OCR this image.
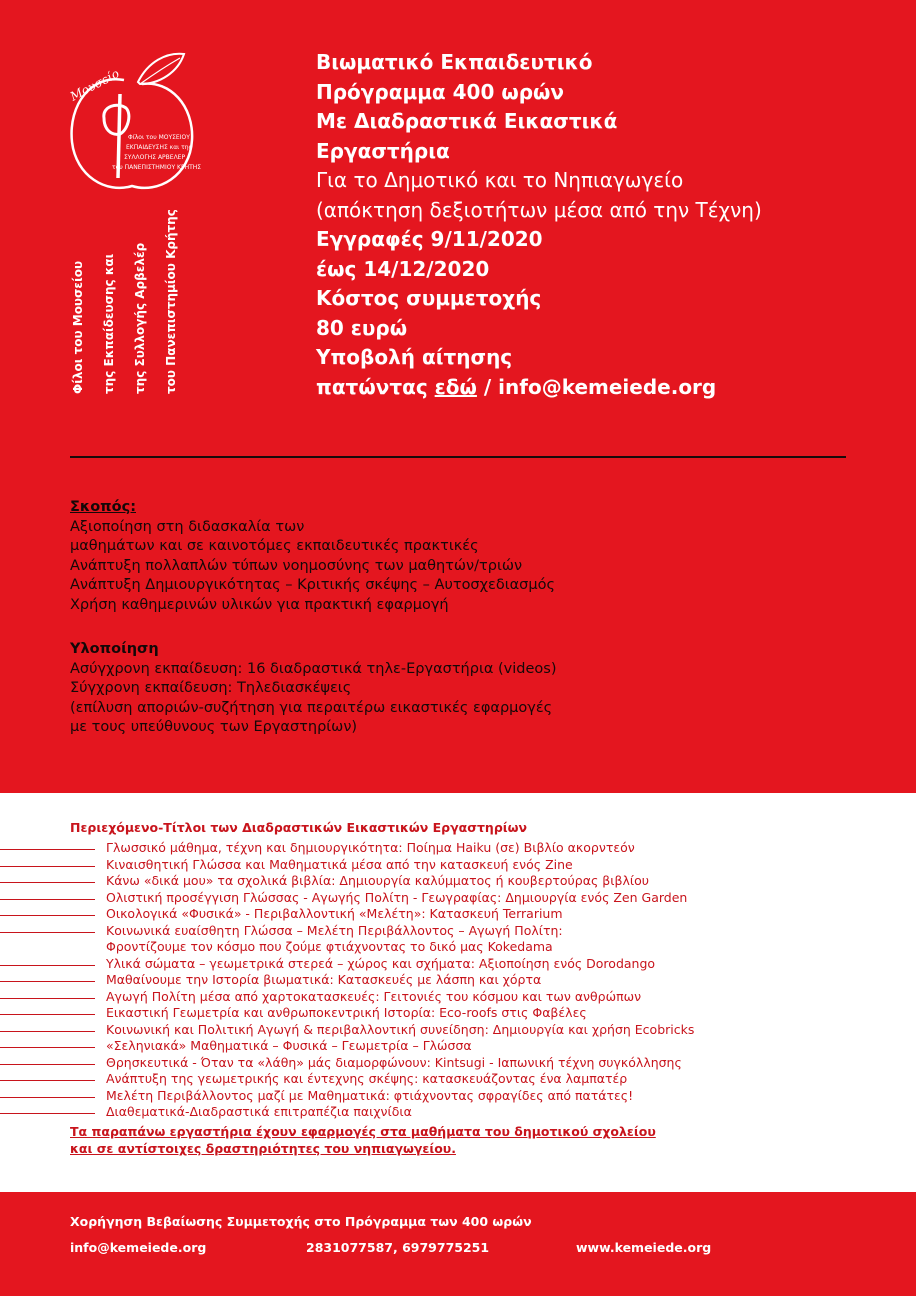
Μουσείο
Φίλοι του ΜΟΥΣΕΙΟΥ
ΕΚΠΑΙΔΕΥΣΗΣ και της
ΣΥΛΛΟΓΗΣ ΑΡΒΕΛΕΡ
του ΠΑΝΕΠΙΣΤΗΜΙΟΥ ΚΡΗΤΗΣ
Φίλοι του Μουσείου	της Εκπαίδευσης και	της Συλλογής Αρβελέρ	του Πανεπιστημίου Κρήτης
Βιωματικό Εκπαιδευτικό
Πρόγραμμα 400 ωρών
Με Διαδραστικά Εικαστικά
Εργαστήρια
Για το Δημοτικό και το Νηπιαγωγείο
(απόκτηση δεξιοτήτων μέσα από την Τέχνη)
Εγγραφές 9/11/2020
έως 14/12/2020
Κόστος συμμετοχής
80 ευρώ
Υποβολή αίτησης
πατώντας εδώ / info@kemeiede.org
Σκοπός:
Αξιοποίηση στη διδασκαλία των
μαθημάτων και σε καινοτόμες εκπαιδευτικές πρακτικές
Ανάπτυξη πολλαπλών τύπων νοημοσύνης των μαθητών/τριών
Ανάπτυξη Δημιουργικότητας – Κριτικής σκέψης – Αυτοσχεδιασμός
Χρήση καθημερινών υλικών για πρακτική εφαρμογή
Υλοποίηση
Ασύγχρονη εκπαίδευση: 16 διαδραστικά τηλε-Εργαστήρια (videos)
Σύγχρονη εκπαίδευση: Τηλεδιασκέψεις
(επίλυση αποριών-συζήτηση για περαιτέρω εικαστικές εφαρμογές
με τους υπεύθυνους των Εργαστηρίων)
Περιεχόμενο-Τίτλοι των Διαδραστικών Εικαστικών Εργαστηρίων
Γλωσσικό μάθημα, τέχνη και δημιουργικότητα: Ποίημα Haiku (σε) Βιβλίο ακορντεόν
Κιναισθητική Γλώσσα και Μαθηματικά μέσα από την κατασκευή ενός Zine
Κάνω «δικά μου» τα σχολικά βιβλία: Δημιουργία καλύμματος ή κουβερτούρας βιβλίου
Ολιστική προσέγγιση Γλώσσας - Αγωγής Πολίτη - Γεωγραφίας: Δημιουργία ενός Zen Garden
Οικολογικά «Φυσικά» - Περιβαλλοντική «Μελέτη»: Κατασκευή Terrarium
Κοινωνικά ευαίσθητη Γλώσσα – Μελέτη Περιβάλλοντος – Αγωγή Πολίτη:
Φροντίζουμε τον κόσμο που ζούμε φτιάχνοντας το δικό μας Kokedama
Υλικά σώματα – γεωμετρικά στερεά – χώρος και σχήματα: Αξιοποίηση ενός Dorodango
Μαθαίνουμε την Ιστορία βιωματικά: Κατασκευές με λάσπη και χόρτα
Αγωγή Πολίτη μέσα από χαρτοκατασκευές: Γειτονιές του κόσμου και των ανθρώπων
Εικαστική Γεωμετρία και ανθρωποκεντρική Ιστορία: Eco-roofs στις Φαβέλες
Κοινωνική και Πολιτική Αγωγή & περιβαλλοντική συνείδηση: Δημιουργία και χρήση Ecobricks
«Σεληνιακά» Μαθηματικά – Φυσικά – Γεωμετρία – Γλώσσα
Θρησκευτικά - Όταν τα «λάθη» μάς διαμορφώνουν: Kintsugi - Ιαπωνική τέχνη συγκόλλησης
Ανάπτυξη της γεωμετρικής και έντεχνης σκέψης: κατασκευάζοντας ένα λαμπατέρ
Μελέτη Περιβάλλοντος μαζί με Μαθηματικά: φτιάχνοντας σφραγίδες από πατάτες!
Διαθεματικά-Διαδραστικά επιτραπέζια παιχνίδια
Τα παραπάνω εργαστήρια έχουν εφαρμογές στα μαθήματα του δημοτικού σχολείου
και σε αντίστοιχες δραστηριότητες του νηπιαγωγείου.
Χορήγηση Βεβαίωσης Συμμετοχής στο Πρόγραμμα των 400 ωρών
info@kemeiede.org	2831077587, 6979775251	www.kemeiede.org
